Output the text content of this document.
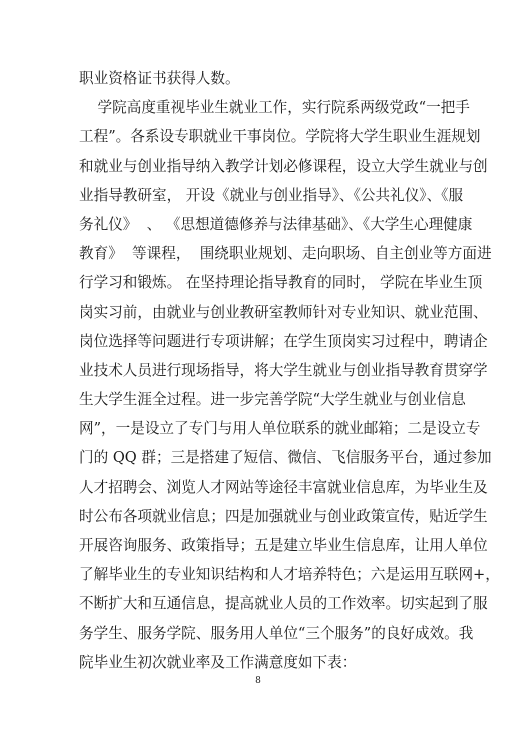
职业资格证书获得人数。
学院高度重视毕业生就业工作，实行院系两级党政“一把手
工程”。各系设专职就业干事岗位。学院将大学生职业生涯规划
和就业与创业指导纳入教学计划必修课程，设立大学生就业与创
业指导教研室， 开设《就业与创业指导》、《公共礼仪》、《服
务礼仪》  、 《思想道德修养与法律基础》、《大学生心理健康
教育》  等课程，  围绕职业规划、走向职场、自主创业等方面进
行学习和锻炼。 在坚持理论指导教育的同时， 学院在毕业生顶
岗实习前，由就业与创业教研室教师针对专业知识、就业范围、
岗位选择等问题进行专项讲解；在学生顶岗实习过程中，聘请企
业技术人员进行现场指导，将大学生就业与创业指导教育贯穿学
生大学生涯全过程。进一步完善学院“大学生就业与创业信息
网”，一是设立了专门与用人单位联系的就业邮箱；二是设立专
门的 QQ 群；三是搭建了短信、微信、飞信服务平台，通过参加
人才招聘会、浏览人才网站等途径丰富就业信息库，为毕业生及
时公布各项就业信息；四是加强就业与创业政策宣传，贴近学生
开展咨询服务、政策指导；五是建立毕业生信息库，让用人单位
了解毕业生的专业知识结构和人才培养特色；六是运用互联网+，
不断扩大和互通信息，提高就业人员的工作效率。切实起到了服
务学生、服务学院、服务用人单位“三个服务”的良好成效。我
院毕业生初次就业率及工作满意度如下表：
8
